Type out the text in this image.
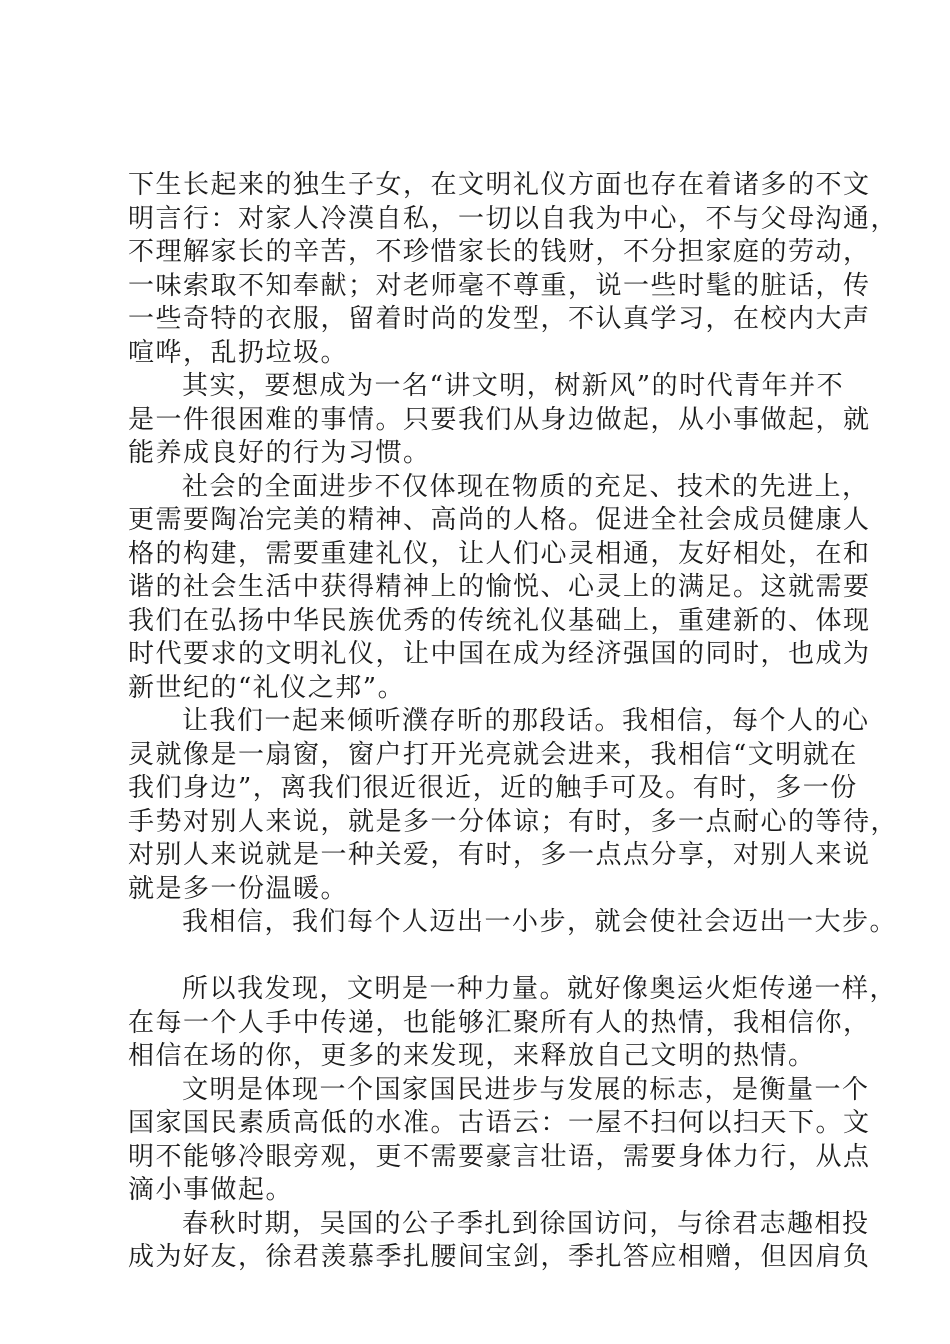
下生长起来的独生子女，在文明礼仪方面也存在着诸多的不文
明言行：对家人冷漠自私，一切以自我为中心，不与父母沟通，
不理解家长的辛苦，不珍惜家长的钱财，不分担家庭的劳动，
一味索取不知奉献；对老师毫不尊重，说一些时髦的脏话，传
一些奇特的衣服，留着时尚的发型，不认真学习，在校内大声
喧哗，乱扔垃圾。
其实，要想成为一名“讲文明，树新风”的时代青年并不
是一件很困难的事情。只要我们从身边做起，从小事做起，就
能养成良好的行为习惯。
社会的全面进步不仅体现在物质的充足、技术的先进上，
更需要陶冶完美的精神、高尚的人格。促进全社会成员健康人
格的构建，需要重建礼仪，让人们心灵相通，友好相处，在和
谐的社会生活中获得精神上的愉悦、心灵上的满足。这就需要
我们在弘扬中华民族优秀的传统礼仪基础上，重建新的、体现
时代要求的文明礼仪，让中国在成为经济强国的同时，也成为
新世纪的“礼仪之邦”。
让我们一起来倾听濮存昕的那段话。我相信，每个人的心
灵就像是一扇窗，窗户打开光亮就会进来，我相信“文明就在
我们身边”，离我们很近很近，近的触手可及。有时，多一份
手势对别人来说，就是多一分体谅；有时，多一点耐心的等待，
对别人来说就是一种关爱，有时，多一点点分享，对别人来说
就是多一份温暖。
我相信，我们每个人迈出一小步，就会使社会迈出一大步。
所以我发现，文明是一种力量。就好像奥运火炬传递一样，
在每一个人手中传递，也能够汇聚所有人的热情，我相信你，
相信在场的你，更多的来发现，来释放自己文明的热情。
文明是体现一个国家国民进步与发展的标志，是衡量一个
国家国民素质高低的水准。古语云：一屋不扫何以扫天下。文
明不能够冷眼旁观，更不需要豪言壮语，需要身体力行，从点
滴小事做起。
春秋时期，吴国的公子季扎到徐国访问，与徐君志趣相投
成为好友，徐君羡慕季扎腰间宝剑，季扎答应相赠，但因肩负
